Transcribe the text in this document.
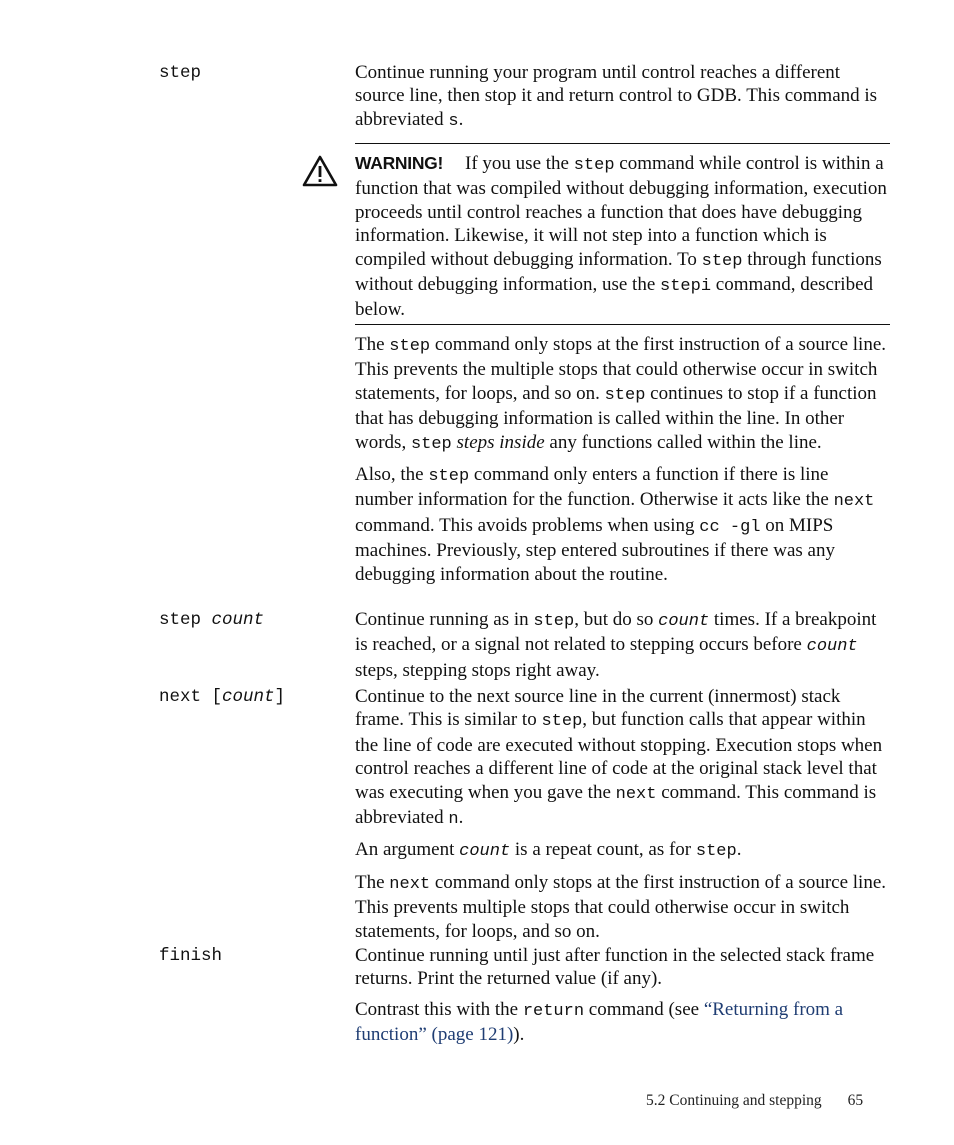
step	Continue running your program until control reaches a different source line, then stop it and return control to GDB. This command is abbreviated s.

WARNING! If you use the step command while control is within a function that was compiled without debugging information, execution proceeds until control reaches a function that does have debugging information. Likewise, it will not step into a function which is compiled without debugging information. To step through functions without debugging information, use the stepi command, described below.

The step command only stops at the first instruction of a source line. This prevents the multiple stops that could otherwise occur in switch statements, for loops, and so on. step continues to stop if a function that has debugging information is called within the line. In other words, step steps inside any functions called within the line.

Also, the step command only enters a function if there is line number information for the function. Otherwise it acts like the next command. This avoids problems when using cc -gl on MIPS machines. Previously, step entered subroutines if there was any debugging information about the routine.

step count	Continue running as in step, but do so count times. If a breakpoint is reached, or a signal not related to stepping occurs before count steps, stepping stops right away.

next [count]	Continue to the next source line in the current (innermost) stack frame. This is similar to step, but function calls that appear within the line of code are executed without stopping. Execution stops when control reaches a different line of code at the original stack level that was executing when you gave the next command. This command is abbreviated n.

An argument count is a repeat count, as for step.

The next command only stops at the first instruction of a source line. This prevents multiple stops that could otherwise occur in switch statements, for loops, and so on.

finish	Continue running until just after function in the selected stack frame returns. Print the returned value (if any).

Contrast this with the return command (see “Returning from a function” (page 121)).

5.2 Continuing and stepping 65
